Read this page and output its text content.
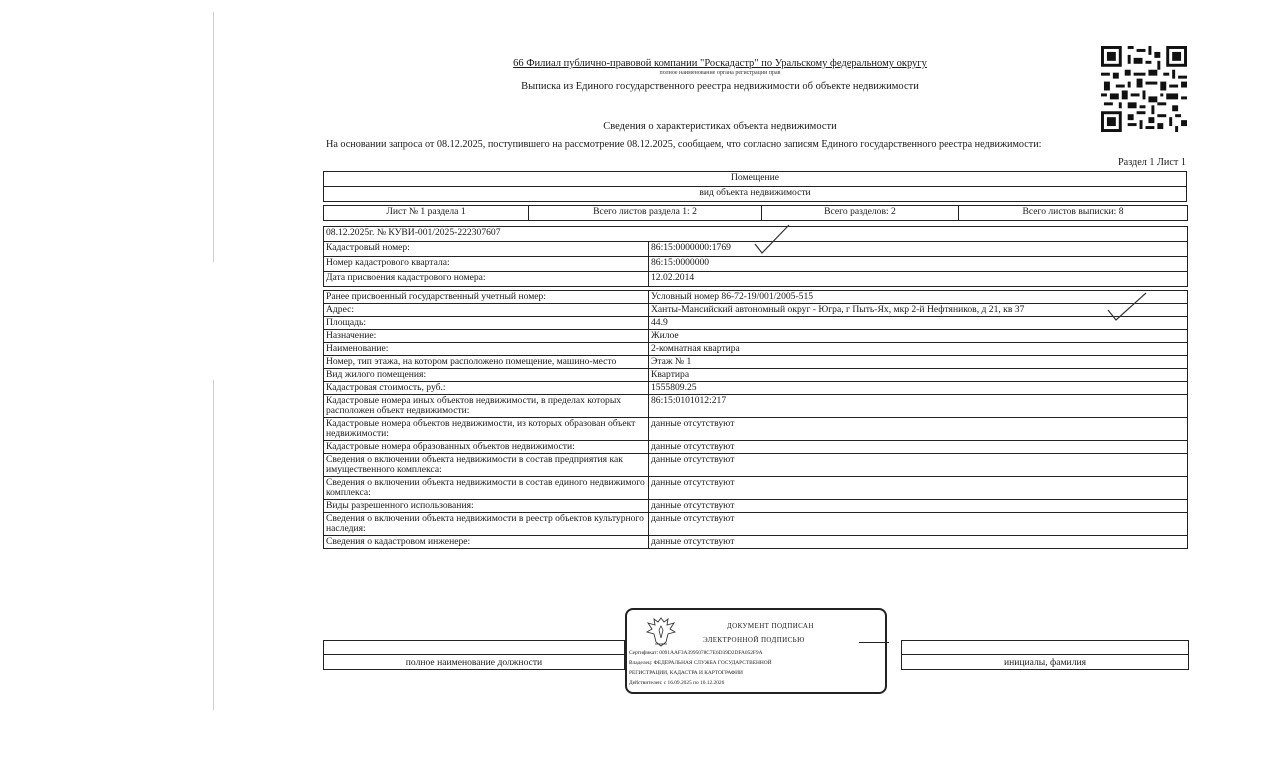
66 Филиал публично-правовой компании "Роскадастр" по Уральскому федеральному округу
полное наименование органа регистрации прав
Выписка из Единого государственного реестра недвижимости об объекте недвижимости
Сведения о характеристиках объекта недвижимости
На основании запроса от 08.12.2025, поступившего на рассмотрение 08.12.2025, сообщаем, что согласно записям Единого государственного реестра недвижимости:
Раздел 1 Лист 1
Помещение
вид объекта недвижимости
Лист № 1 раздела 1	Всего листов раздела 1: 2	Всего разделов: 2	Всего листов выписки: 8
08.12.2025г. № КУВИ-001/2025-222307607	
Кадастровый номер:	86:15:0000000:1769
Номер кадастрового квартала:	86:15:0000000
Дата присвоения кадастрового номера:	12.02.2014
Ранее присвоенный государственный учетный номер:	Условный номер 86-72-19/001/2005-515
Адрес:	Ханты-Мансийский автономный округ - Югра, г Пыть-Ях, мкр 2-й Нефтяников, д 21, кв 37
Площадь:	44.9
Назначение:	Жилое
Наименование:	2-комнатная квартира
Номер, тип этажа, на котором расположено помещение, машино-место	Этаж № 1
Вид жилого помещения:	Квартира
Кадастровая стоимость, руб.:	1555809.25
Кадастровые номера иных объектов недвижимости, в пределах которых расположен объект недвижимости:	86:15:0101012:217
Кадастровые номера объектов недвижимости, из которых образован объект недвижимости:	данные отсутствуют
Кадастровые номера образованных объектов недвижимости:	данные отсутствуют
Сведения о включении объекта недвижимости в состав предприятия как имущественного комплекса:	данные отсутствуют
Сведения о включении объекта недвижимости в состав единого недвижимого комплекса:	данные отсутствуют
Виды разрешенного использования:	данные отсутствуют
Сведения о включении объекта недвижимости в реестр объектов культурного наследия:	данные отсутствуют
Сведения о кадастровом инженере:	данные отсутствуют
полное наименование должности	инициалы, фамилия
ДОКУМЕНТ ПОДПИСАН
ЭЛЕКТРОННОЙ ПОДПИСЬЮ
Сертификат: 0091AAF3A3995078C7E6D39D2DFA052F9A
Владелец: ФЕДЕРАЛЬНАЯ СЛУЖБА ГОСУДАРСТВЕННОЙ
РЕГИСТРАЦИИ, КАДАСТРА И КАРТОГРАФИИ
Действителен: с 16.09.2025 по 10.12.2026
